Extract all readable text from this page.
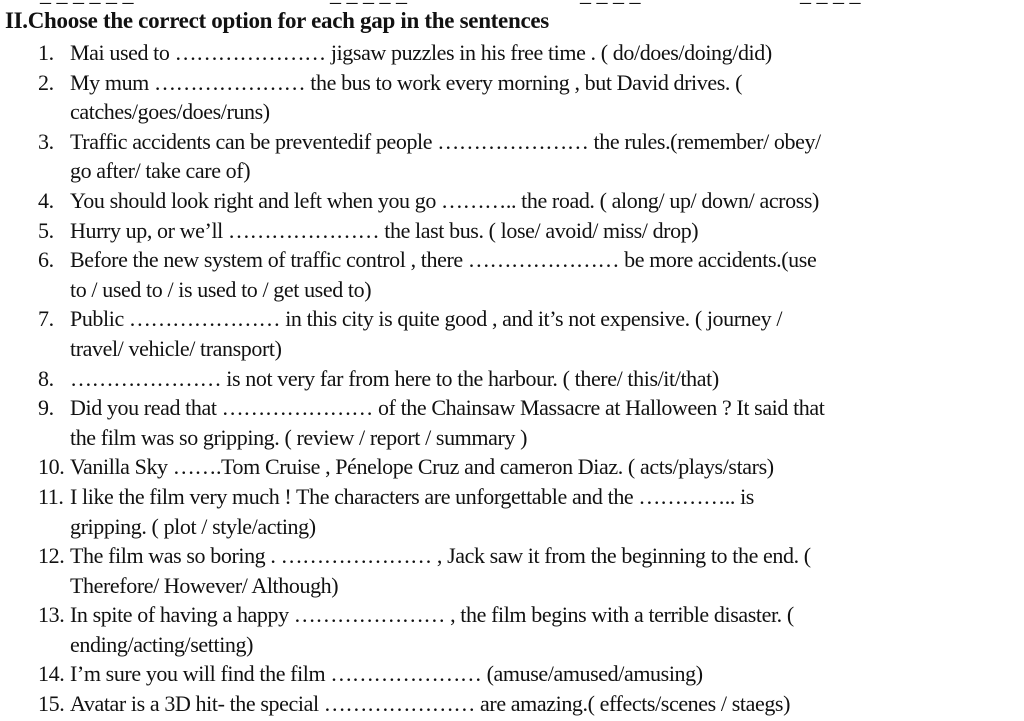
II.Choose the correct option for each gap in the sentences
1. Mai used to ………………… jigsaw puzzles in his free time . ( do/does/doing/did)
2. My mum ………………… the bus to work every morning , but David drives. (
catches/goes/does/runs)
3. Traffic accidents can be preventedif people ………………… the rules.(remember/ obey/
go after/ take care of)
4. You should look right and left when you go ……….. the road. ( along/ up/ down/ across)
5. Hurry up, or we’ll ………………… the last bus. ( lose/ avoid/ miss/ drop)
6. Before the new system of traffic control , there ………………… be more accidents.(use
to / used to / is used to / get used to)
7. Public ………………… in this city is quite good , and it’s not expensive. ( journey /
travel/ vehicle/ transport)
8. ………………… is not very far from here to the harbour. ( there/ this/it/that)
9. Did you read that ………………… of the Chainsaw Massacre at Halloween ? It said that
the film was so gripping. ( review / report / summary )
10. Vanilla Sky …….Tom Cruise , Pénelope Cruz and cameron Diaz. ( acts/plays/stars)
11. I like the film very much ! The characters are unforgettable and the ………….. is
gripping. ( plot / style/acting)
12. The film was so boring . ………………… , Jack saw it from the beginning to the end. (
Therefore/ However/ Although)
13. In spite of having a happy ………………… , the film begins with a terrible disaster. (
ending/acting/setting)
14. I’m sure you will find the film ………………… (amuse/amused/amusing)
15. Avatar is a 3D hit- the special ………………… are amazing.( effects/scenes / staegs)
